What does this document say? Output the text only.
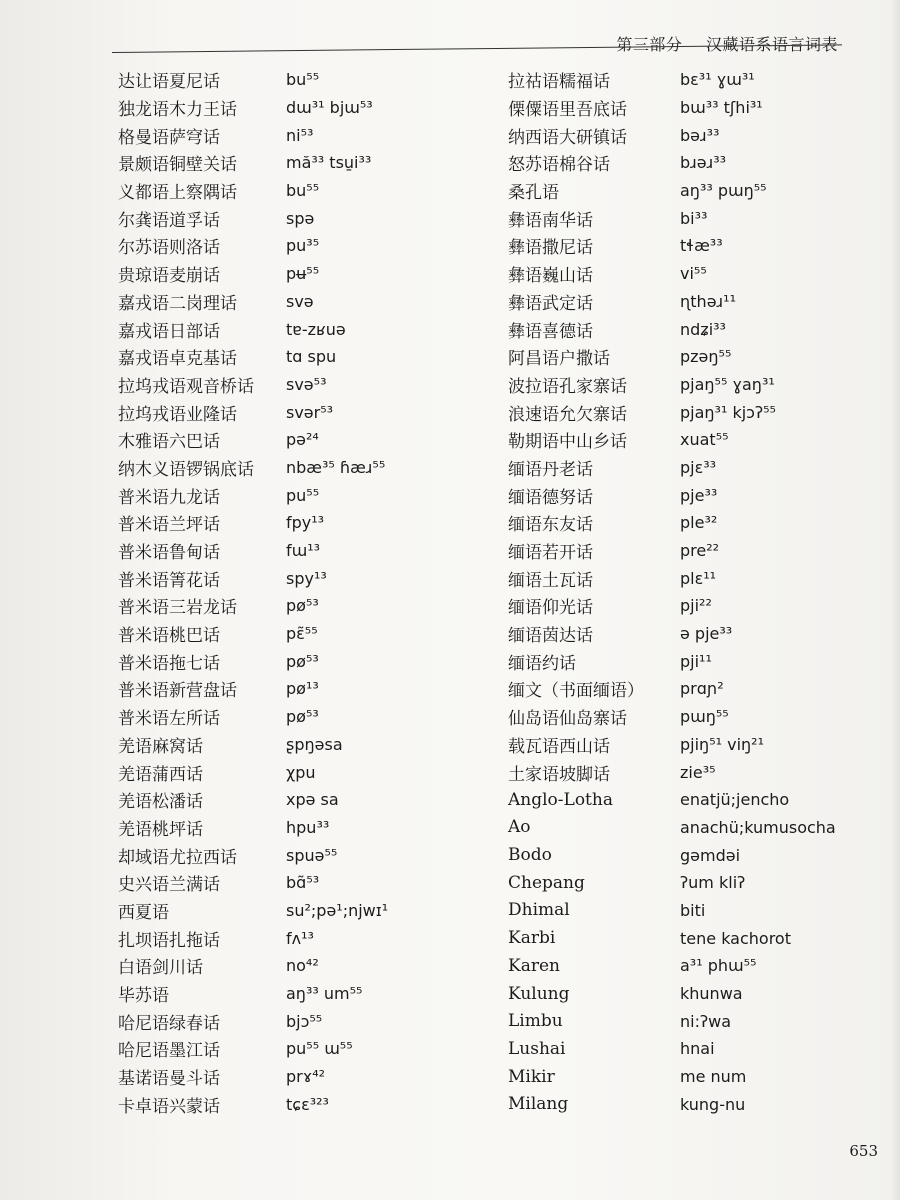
第三部分 汉藏语系语言词表
达让语夏尼话	bu⁵⁵
独龙语木力王话	dɯ³¹ bjɯ⁵³
格曼语萨穹话	ni⁵³
景颇语铜壁关话	mă³³ tsu̱i³³
义都语上察隅话	bu⁵⁵
尔龚语道孚话	spə
尔苏语则洛话	pu³⁵
贵琼语麦崩话	pʉ⁵⁵
嘉戎语二岗理话	svə
嘉戎语日部话	tɐ-zʁuə
嘉戎语卓克基话	tɑ spu
拉坞戎语观音桥话	svə⁵³
拉坞戎语业隆话	svər⁵³
木雅语六巴话	pə²⁴
纳木义语锣锅底话	nbæ³⁵ ɦæɹ⁵⁵
普米语九龙话	pu⁵⁵
普米语兰坪话	fpy¹³
普米语鲁甸话	fɯ¹³
普米语箐花话	spy¹³
普米语三岩龙话	pø⁵³
普米语桃巴话	pɛ̃⁵⁵
普米语拖七话	pø⁵³
普米语新营盘话	pø¹³
普米语左所话	pø⁵³
羌语麻窝话	ʂpŋəsa
羌语蒲西话	χpu
羌语松潘话	xpə sa
羌语桃坪话	hpu³³
却域语尤拉西话	spuə⁵⁵
史兴语兰满话	bɑ̃⁵³
西夏语	su²;pə¹;njwɪ¹
扎坝语扎拖话	fʌ¹³
白语剑川话	no⁴²
毕苏语	aŋ³³ um⁵⁵
哈尼语绿春话	bjɔ⁵⁵
哈尼语墨江话	pu⁵⁵ ɯ⁵⁵
基诺语曼斗话	prɤ⁴²
卡卓语兴蒙话	tɕɛ³²³
拉祜语糯福话	bɛ³¹ ɣɯ³¹
傈僳语里吾底话	bɯ³³ tʃhi³¹
纳西语大研镇话	bəɹ³³
怒苏语棉谷话	bɹəɹ³³
桑孔语	aŋ³³ pɯŋ⁵⁵
彝语南华话	bi³³
彝语撒尼话	tɬæ³³
彝语巍山话	vi⁵⁵
彝语武定话	ɳthəɹ¹¹
彝语喜德话	ndʑi³³
阿昌语户撒话	pzəŋ⁵⁵
波拉语孔家寨话	pjaŋ⁵⁵ ɣaŋ³¹
浪速语允欠寨话	pjaŋ³¹ kjɔʔ⁵⁵
勒期语中山乡话	xuat⁵⁵
缅语丹老话	pjɛ³³
缅语德努话	pje³³
缅语东友话	ple³²
缅语若开话	pre²²
缅语土瓦话	plɛ¹¹
缅语仰光话	pji²²
缅语茵达话	ə pje³³
缅语约话	pji¹¹
缅文（书面缅语）	prɑɲ²
仙岛语仙岛寨话	pɯŋ⁵⁵
载瓦语西山话	pjiŋ⁵¹ viŋ²¹
土家语坡脚话	zie³⁵
Anglo-Lotha	enatjü;jencho
Ao	anachü;kumusocha
Bodo	gəmdəi
Chepang	ʔum kliʔ
Dhimal	biti
Karbi	tene kachorot
Karen	a³¹ phɯ⁵⁵
Kulung	khunwa
Limbu	ni:ʔwa
Lushai	hnai
Mikir	me num
Milang	kung-nu
653
